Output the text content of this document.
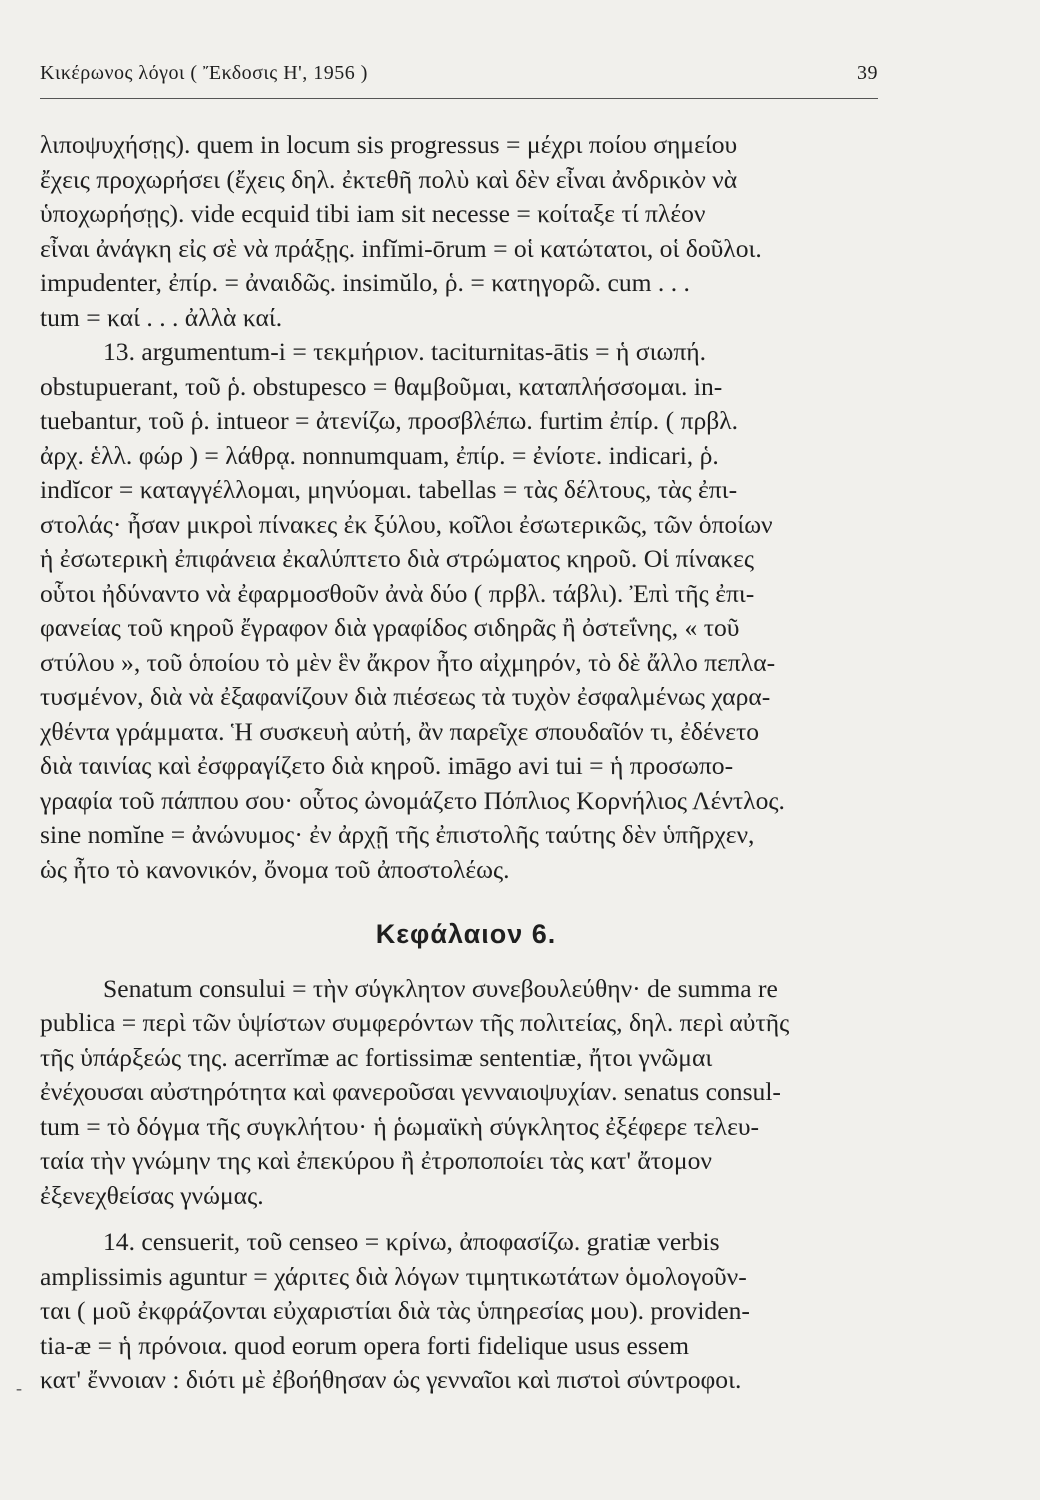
Κικέρωνος λόγοι ( Ἔκδοσις Η', 1956 )	39

λιποψυχήσῃς). quem in locum sis progressus = μέχρι ποίου σημείου
ἔχεις προχωρήσει (ἔχεις δηλ. ἐκτεθῆ πολὺ καὶ δὲν εἶναι ἀνδρικὸν νὰ
ὑποχωρήσῃς). vide ecquid tibi iam sit necesse = κοίταξε τί πλέον
εἶναι ἀνάγκη εἰς σὲ νὰ πράξῃς. infĭmi-ōrum = οἱ κατώτατοι, οἱ δοῦλοι.
impudenter, ἐπίρ. = ἀναιδῶς. insimŭlo, ῥ. = κατηγορῶ. cum . . .
tum = καί . . . ἀλλὰ καί.

13. argumentum-i = τεκμήριον. taciturnitas-ātis = ἡ σιωπή.
obstupuerant, τοῦ ῥ. obstupesco = θαμβοῦμαι, καταπλήσσομαι. in-
tuebantur, τοῦ ῥ. intueor = ἀτενίζω, προσβλέπω. furtim ἐπίρ. ( πρβλ.
ἀρχ. ἑλλ. φώρ ) = λάθρᾳ. nonnumquam, ἐπίρ. = ἐνίοτε. indicari, ῥ.
indĭcor = καταγγέλλομαι, μηνύομαι. tabellas = τὰς δέλτους, τὰς ἐπι-
στολάς· ἦσαν μικροὶ πίνακες ἐκ ξύλου, κοῖλοι ἐσωτερικῶς, τῶν ὁποίων
ἡ ἐσωτερικὴ ἐπιφάνεια ἐκαλύπτετο διὰ στρώματος κηροῦ. Οἱ πίνακες
οὗτοι ἠδύναντο νὰ ἐφαρμοσθοῦν ἀνὰ δύο ( πρβλ. τάβλι). Ἐπὶ τῆς ἐπι-
φανείας τοῦ κηροῦ ἔγραφον διὰ γραφίδος σιδηρᾶς ἢ ὀστεΐνης, « τοῦ
στύλου », τοῦ ὁποίου τὸ μὲν ἓν ἄκρον ἦτο αἰχμηρόν, τὸ δὲ ἄλλο πεπλα-
τυσμένον, διὰ νὰ ἐξαφανίζουν διὰ πιέσεως τὰ τυχὸν ἐσφαλμένως χαρα-
χθέντα γράμματα. Ἡ συσκευὴ αὐτή, ἂν παρεῖχε σπουδαῖόν τι, ἐδένετο
διὰ ταινίας καὶ ἐσφραγίζετο διὰ κηροῦ. imāgo avi tui = ἡ προσωπο-
γραφία τοῦ πάππου σου· οὗτος ὠνομάζετο Πόπλιος Κορνήλιος Λέντλος.
sine nomĭne = ἀνώνυμος· ἐν ἀρχῇ τῆς ἐπιστολῆς ταύτης δὲν ὑπῆρχεν,
ὡς ἦτο τὸ κανονικόν, ὄνομα τοῦ ἀποστολέως.

Κεφάλαιον 6.

Senatum consului = τὴν σύγκλητον συνεβουλεύθην· de summa re
publica = περὶ τῶν ὑψίστων συμφερόντων τῆς πολιτείας, δηλ. περὶ αὐτῆς
τῆς ὑπάρξεώς της. acerrĭmæ ac fortissimæ sententiæ, ἤτοι γνῶμαι
ἐνέχουσαι αὐστηρότητα καὶ φανεροῦσαι γενναιοψυχίαν. senatus consul-
tum = τὸ δόγμα τῆς συγκλήτου· ἡ ῥωμαϊκὴ σύγκλητος ἐξέφερε τελευ-
ταία τὴν γνώμην της καὶ ἐπεκύρου ἢ ἐτροποποίει τὰς κατ' ἄτομον
ἐξενεχθείσας γνώμας.

14. censuerit, τοῦ censeo = κρίνω, ἀποφασίζω. gratiæ verbis
amplissimis aguntur = χάριτες διὰ λόγων τιμητικωτάτων ὁμολογοῦν-
ται ( μοῦ ἐκφράζονται εὐχαριστίαι διὰ τὰς ὑπηρεσίας μου). providen-
tia-æ = ἡ πρόνοια. quod eorum opera forti fidelique usus essem
κατ' ἔννοιαν : διότι μὲ ἐβοήθησαν ὡς γενναῖοι καὶ πιστοὶ σύντροφοι.

-
